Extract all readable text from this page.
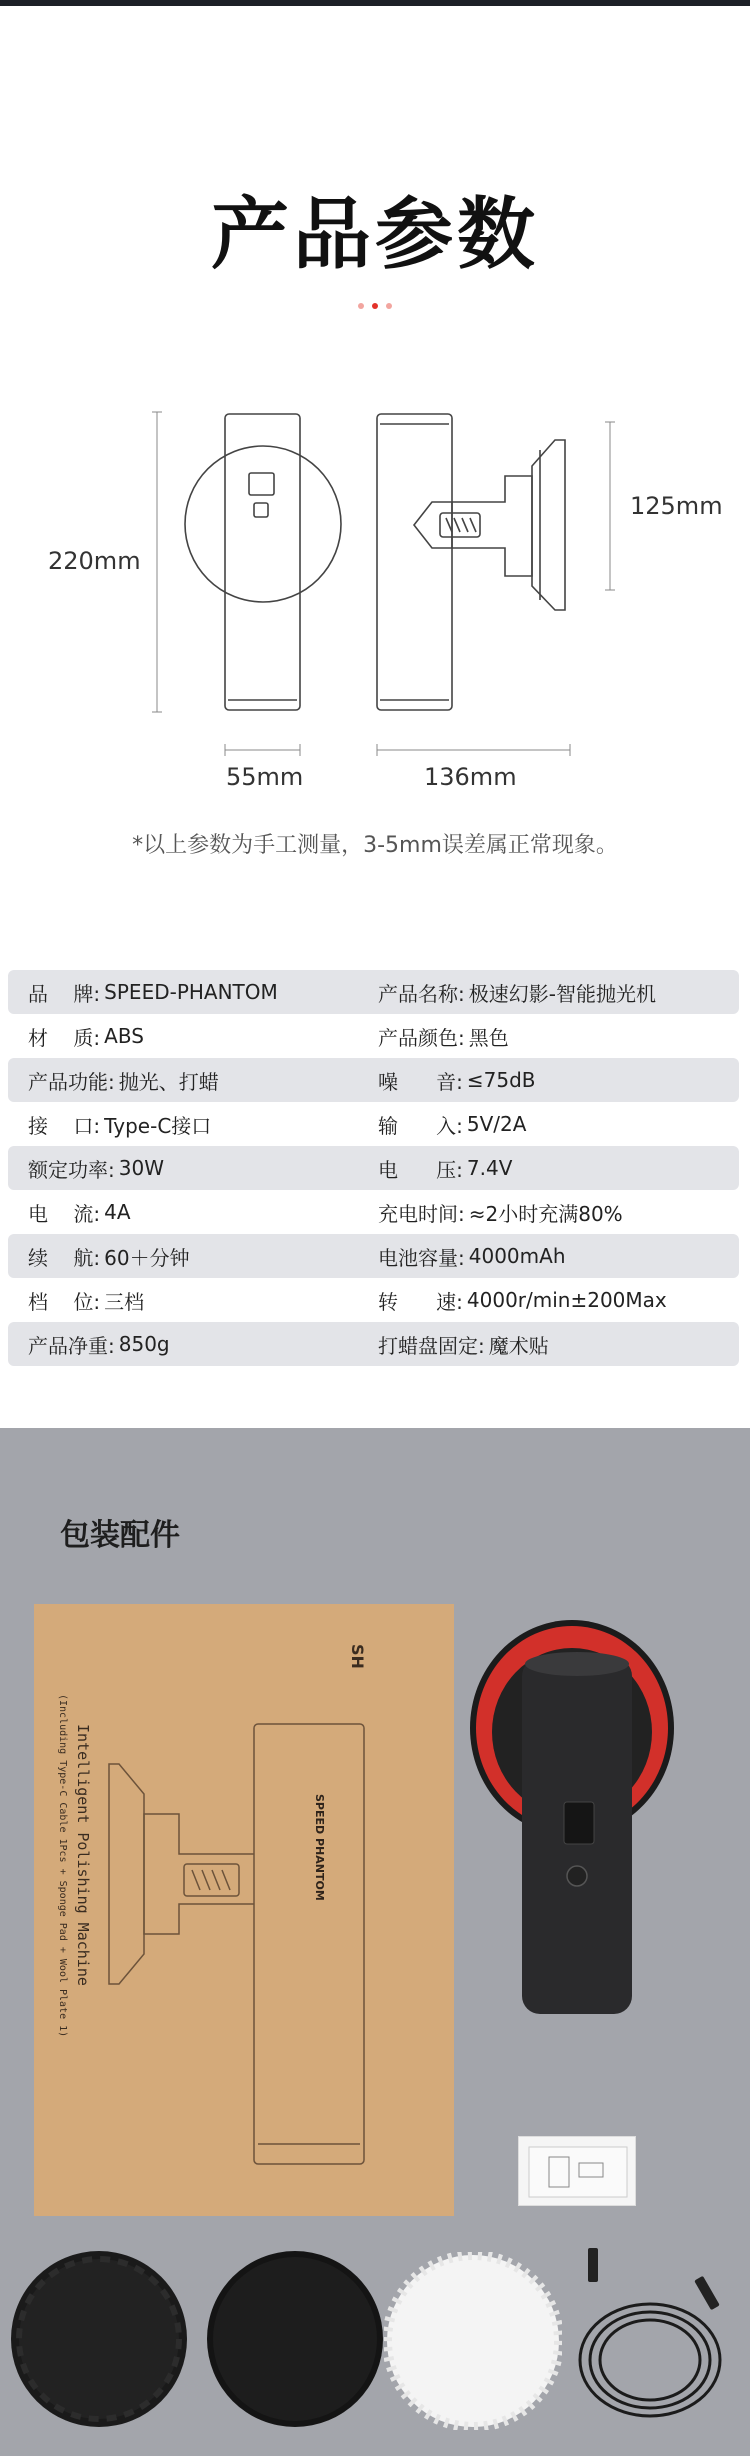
产品参数
220mm
125mm
55mm	136mm

*以上参数为手工测量，3-5mm误差属正常现象。

品    牌: SPEED-PHANTOM	产品名称: 极速幻影-智能抛光机
材    质: ABS	产品颜色: 黑色
产品功能: 抛光、打蜡	噪      音: ≤75dB
接    口: Type-C接口	输      入: 5V/2A
额定功率: 30W	电      压: 7.4V
电    流: 4A	充电时间: ≈2小时充满80%
续    航: 60＋分钟	电池容量: 4000mAh
档    位: 三档	转      速: 4000r/min±200Max
产品净重: 850g	打蜡盘固定: 魔术贴
包装配件
SH
SPEED PHANTOM
Intelligent Polishing Machine
(Including Type-C Cable 1Pcs + Sponge Pad + Wool Plate 1)
